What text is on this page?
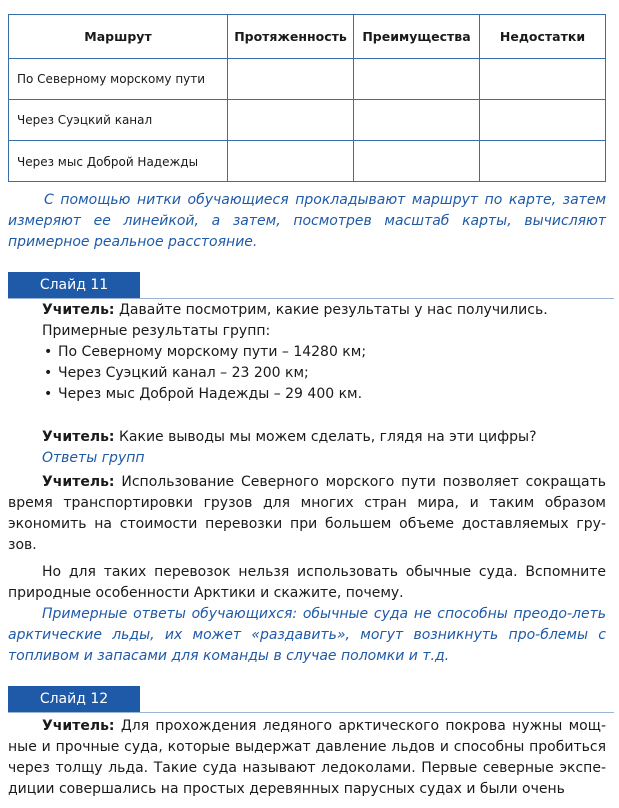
Маршрут	Протяженность	Преимущества	Недостатки
По Северному морскому пути
Через Суэцкий канал
Через мыс Доброй Надежды
С помощью нитки обучающиеся прокладывают маршрут по карте, затем измеряют ее линейкой, а затем, посмотрев масштаб карты, вычисляют примерное реальное расстояние.
Слайд 11
Учитель: Давайте посмотрим, какие результаты у нас получились.
Примерные результаты групп:
• По Северному морскому пути – 14280 км;
• Через Суэцкий канал – 23 200 км;
• Через мыс Доброй Надежды – 29 400 км.
Учитель: Какие выводы мы можем сделать, глядя на эти цифры?
Ответы групп
Учитель: Использование Северного морского пути позволяет сокращать время транспортировки грузов для многих стран мира, и таким образом экономить на стоимости перевозки при большем объеме доставляемых гру-зов.
Но для таких перевозок нельзя использовать обычные суда. Вспомните природные особенности Арктики и скажите, почему.
Примерные ответы обучающихся: обычные суда не способны преодо-леть арктические льды, их может «раздавить», могут возникнуть про-блемы с топливом и запасами для команды в случае поломки и т.д.
Слайд 12
Учитель: Для прохождения ледяного арктического покрова нужны мощ-ные и прочные суда, которые выдержат давление льдов и способны пробиться через толщу льда. Такие суда называют ледоколами. Первые северные экспе-диции совершались на простых деревянных парусных судах и были очень
